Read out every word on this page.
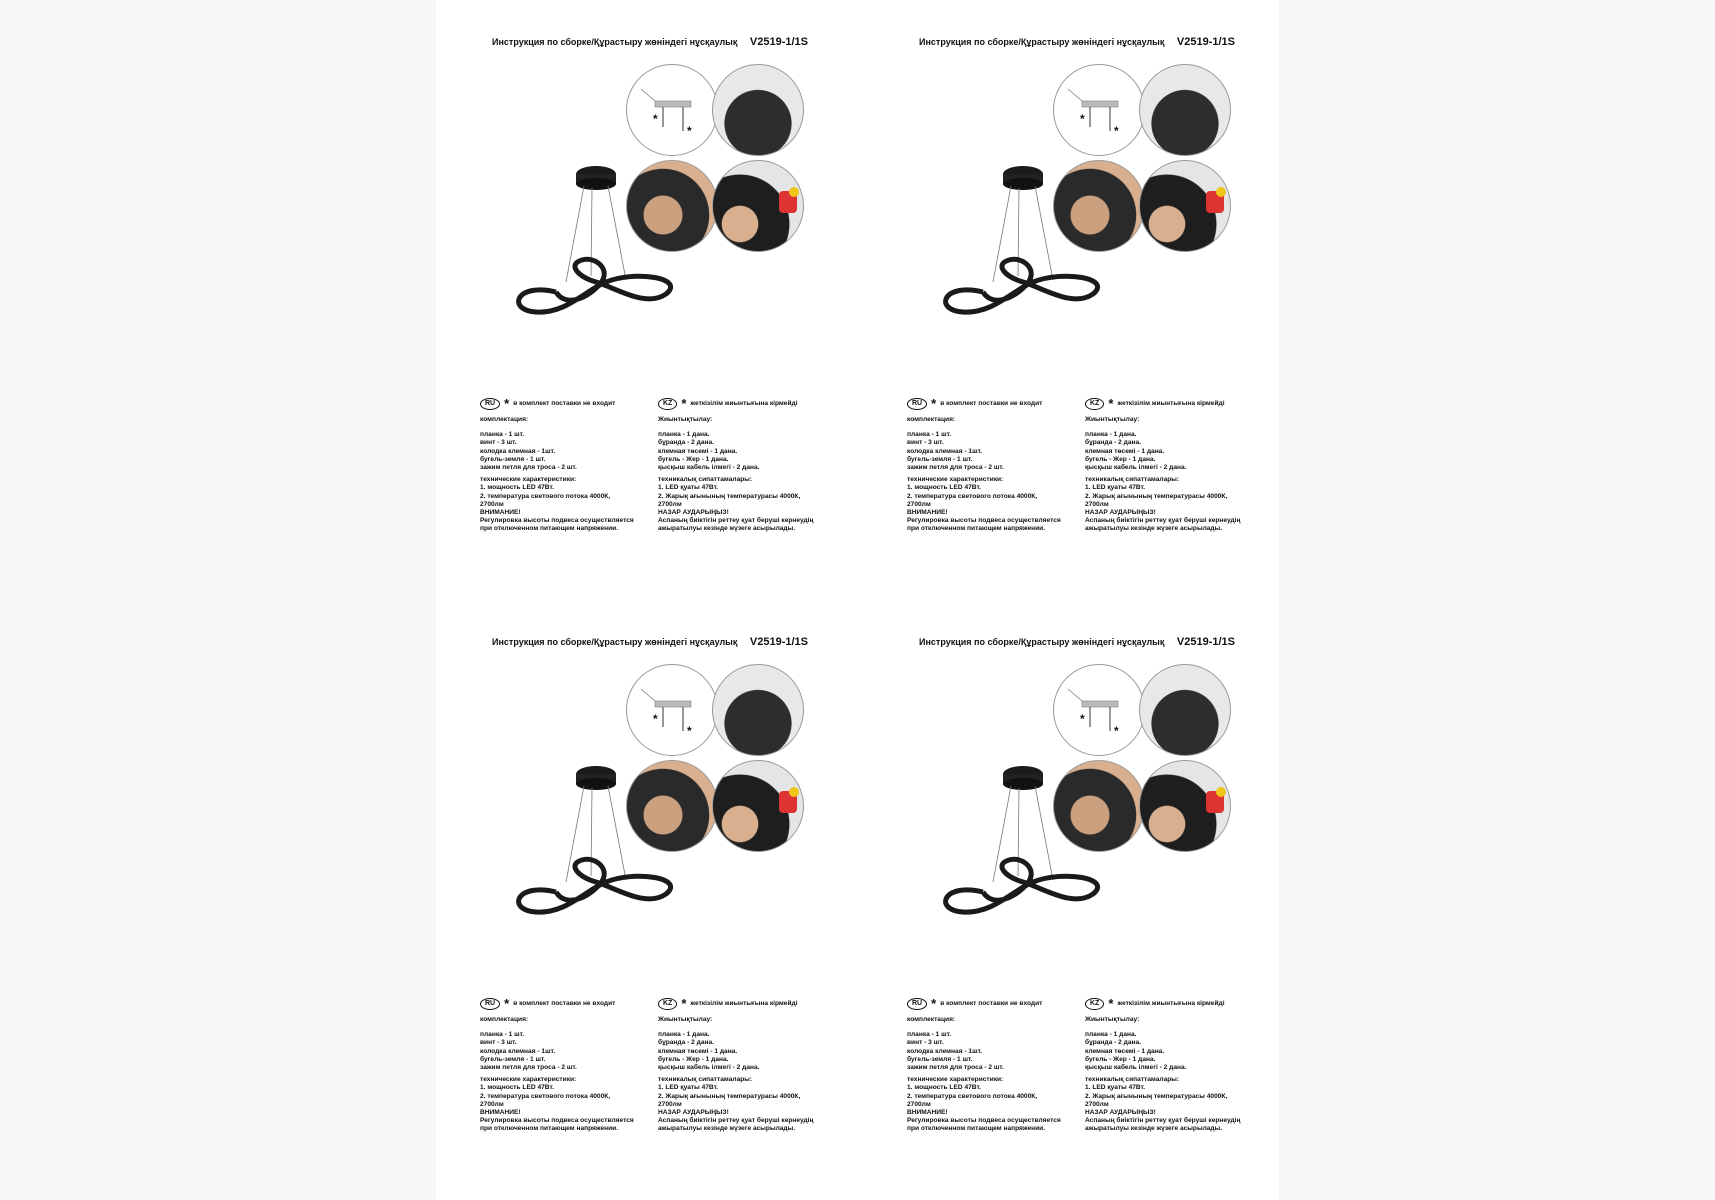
Инструкция по сборке/Құрастыру жөніндегі нұсқаулық V2519-1/1S
*
*
RU * в комплект поставки не входит
комплектация:
планка - 1 шт.
винт - 3 шт.
колодка клемная - 1шт.
бугель-земля - 1 шт.
зажим петля для троса - 2 шт.
технические характеристики:
1. мощность LED 47Вт.
2. температура светового потока 4000К,
2700лм
ВНИМАНИЕ!
Регулировка высоты подвеса осуществляется
при отключенном питающем напряжении.
KZ * жеткізілім жиынтығына кірмейді
Жиынтықтылау:
планка - 1 дана.
бұранда - 2 дана.
клемная төсемі - 1 дана.
бугель - Жер - 1 дана.
қысқыш кабель ілмегі - 2 дана.
техникалық сипаттамалары:
1. LED қуаты 47Вт.
2. Жарық ағынының температурасы 4000К,
2700лм
НАЗАР АУДАРЫҢЫЗ!
Аспаның биіктігін реттеу қуат беруші кернеудің
ажыратылуы кезінде жүзеге асырылады.
Инструкция по сборке/Құрастыру жөніндегі нұсқаулық V2519-1/1S
*
*
RU * в комплект поставки не входит
комплектация:
планка - 1 шт.
винт - 3 шт.
колодка клемная - 1шт.
бугель-земля - 1 шт.
зажим петля для троса - 2 шт.
технические характеристики:
1. мощность LED 47Вт.
2. температура светового потока 4000К,
2700лм
ВНИМАНИЕ!
Регулировка высоты подвеса осуществляется
при отключенном питающем напряжении.
KZ * жеткізілім жиынтығына кірмейді
Жиынтықтылау:
планка - 1 дана.
бұранда - 2 дана.
клемная төсемі - 1 дана.
бугель - Жер - 1 дана.
қысқыш кабель ілмегі - 2 дана.
техникалық сипаттамалары:
1. LED қуаты 47Вт.
2. Жарық ағынының температурасы 4000К,
2700лм
НАЗАР АУДАРЫҢЫЗ!
Аспаның биіктігін реттеу қуат беруші кернеудің
ажыратылуы кезінде жүзеге асырылады.
Инструкция по сборке/Құрастыру жөніндегі нұсқаулық V2519-1/1S
*
*
RU * в комплект поставки не входит
комплектация:
планка - 1 шт.
винт - 3 шт.
колодка клемная - 1шт.
бугель-земля - 1 шт.
зажим петля для троса - 2 шт.
технические характеристики:
1. мощность LED 47Вт.
2. температура светового потока 4000К,
2700лм
ВНИМАНИЕ!
Регулировка высоты подвеса осуществляется
при отключенном питающем напряжении.
KZ * жеткізілім жиынтығына кірмейді
Жиынтықтылау:
планка - 1 дана.
бұранда - 2 дана.
клемная төсемі - 1 дана.
бугель - Жер - 1 дана.
қысқыш кабель ілмегі - 2 дана.
техникалық сипаттамалары:
1. LED қуаты 47Вт.
2. Жарық ағынының температурасы 4000К,
2700лм
НАЗАР АУДАРЫҢЫЗ!
Аспаның биіктігін реттеу қуат беруші кернеудің
ажыратылуы кезінде жүзеге асырылады.
Инструкция по сборке/Құрастыру жөніндегі нұсқаулық V2519-1/1S
*
*
RU * в комплект поставки не входит
комплектация:
планка - 1 шт.
винт - 3 шт.
колодка клемная - 1шт.
бугель-земля - 1 шт.
зажим петля для троса - 2 шт.
технические характеристики:
1. мощность LED 47Вт.
2. температура светового потока 4000К,
2700лм
ВНИМАНИЕ!
Регулировка высоты подвеса осуществляется
при отключенном питающем напряжении.
KZ * жеткізілім жиынтығына кірмейді
Жиынтықтылау:
планка - 1 дана.
бұранда - 2 дана.
клемная төсемі - 1 дана.
бугель - Жер - 1 дана.
қысқыш кабель ілмегі - 2 дана.
техникалық сипаттамалары:
1. LED қуаты 47Вт.
2. Жарық ағынының температурасы 4000К,
2700лм
НАЗАР АУДАРЫҢЫЗ!
Аспаның биіктігін реттеу қуат беруші кернеудің
ажыратылуы кезінде жүзеге асырылады.
